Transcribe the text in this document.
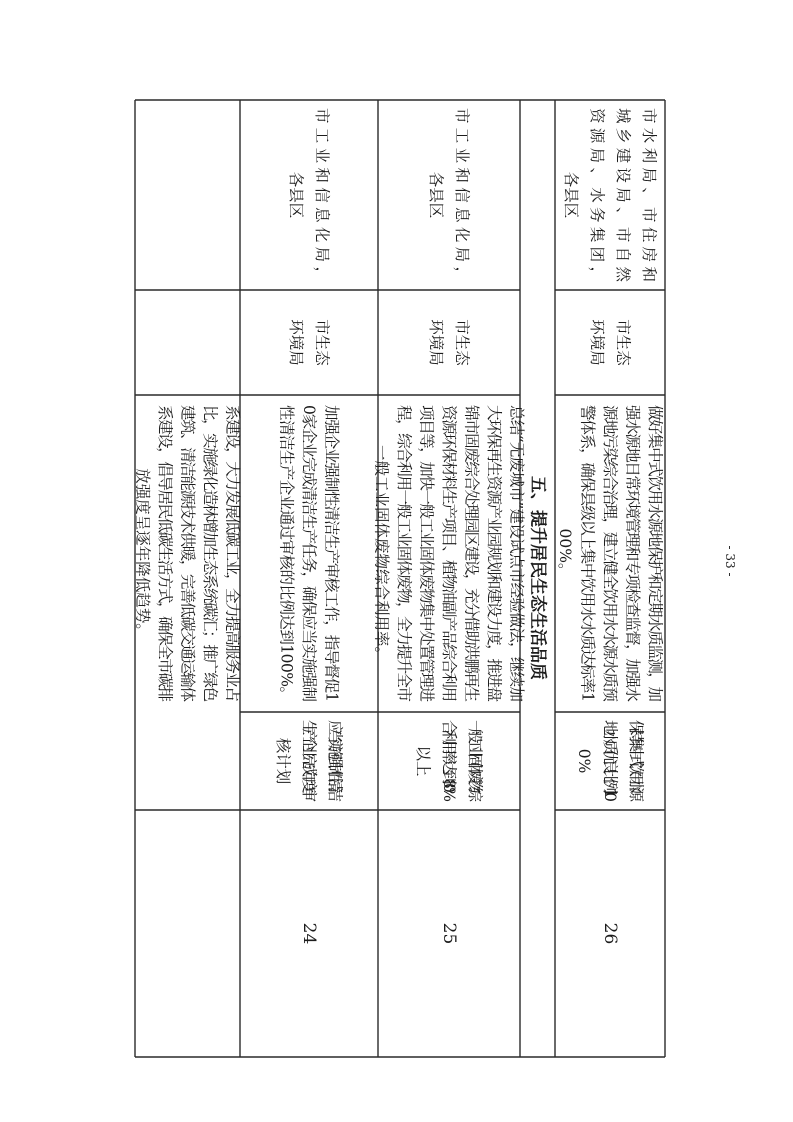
系建设，大力发展低碳工业，全力提高服务业占
比，实施绿化造林增加生态系统碳汇；推广绿色
建筑、清洁能源技术供暖，完善低碳交通运输体
系建设，倡导居民低碳生活方式，确保全市碳排
放强度呈逐年降低趋势。
24
应当实施强制性清洁
生产企业完成年度审
核计划
加强企业强制性清洁生产审核工作，指导督促1
0家企业完成清洁生产任务，确保应当实施强制
性清洁生产企业通过审核的比例达到100%。
市生态
环境局
市工业和信息化局，
各县区
25
一般工业固体废物综
合利用率达到80%
以上
总结“无废城市”建设试点市经验做法，继续加
大环保再生资源产业园规划和建设力度，推进盘
锦市固废综合处理园区建设，充分借助洪鹏再生
资源环保材料生产项目、植物油副产品综合利用
项目等，加快一般工业固体废物集中处置管理进
程，综合利用一般工业固体废物，全力提升全市
一般工业固体废物综合利用率。
市生态
环境局
市工业和信息化局，
各县区
五、提升居民生态生活品质
26
保持集中式饮用水源
地水质优良比例10
0%
做好集中式饮用水源地保护和定期水质监测，加
强水源地日常环境管理和专项检查监督，加强水
源地污染综合治理，建立健全饮用水水源水质预
警体系，确保县级以上集中饮用水水质达标率1
00%。
市生态
环境局
市水利局、市住房和
城乡建设局、市自然
资源局、水务集团，
各县区
- 33 -
